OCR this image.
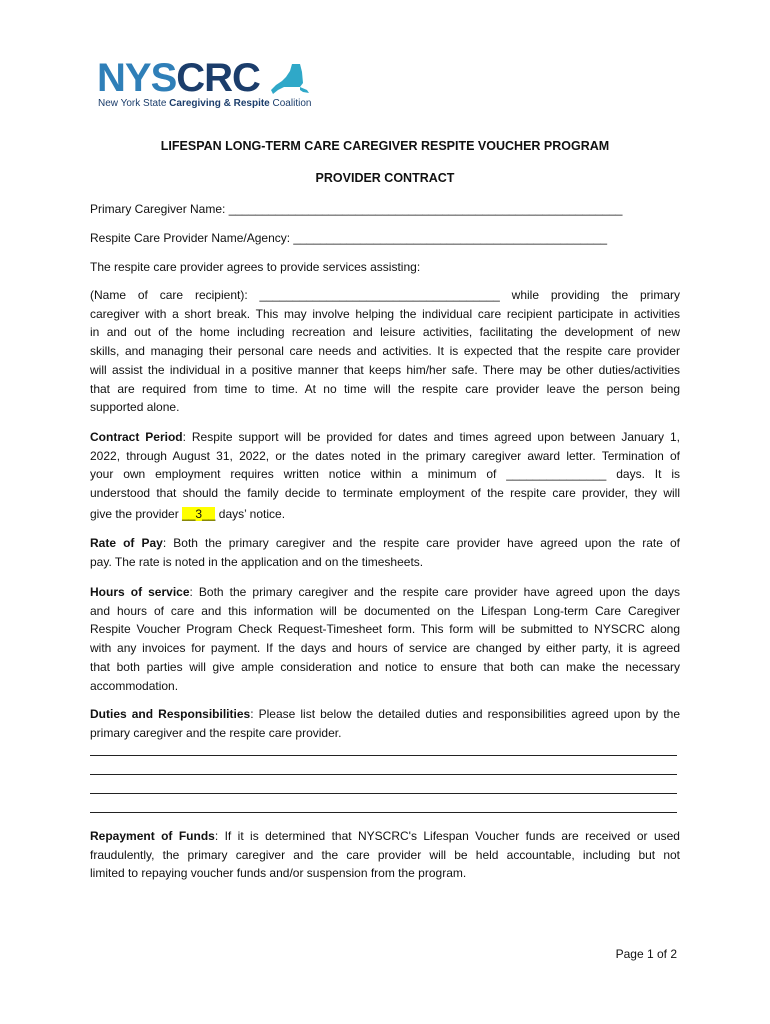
NYSCRC
New York State Caregiving & Respite Coalition
LIFESPAN LONG-TERM CARE CAREGIVER RESPITE VOUCHER PROGRAM
PROVIDER CONTRACT
Primary Caregiver Name: ___________________________________________________________
Respite Care Provider Name/Agency: _______________________________________________
The respite care provider agrees to provide services assisting:
(Name of care recipient): ____________________________________ while providing the primary
caregiver with a short break. This may involve helping the individual care recipient participate in activities
in and out of the home including recreation and leisure activities, facilitating the development of new
skills, and managing their personal care needs and activities. It is expected that the respite care provider
will assist the individual in a positive manner that keeps him/her safe. There may be other duties/activities
that are required from time to time. At no time will the respite care provider leave the person being
supported alone.
Contract Period: Respite support will be provided for dates and times agreed upon between January 1,
2022, through August 31, 2022, or the dates noted in the primary caregiver award letter. Termination of
your own employment requires written notice within a minimum of _______________ days. It is
understood that should the family decide to terminate employment of the respite care provider, they will
give the provider __3__ days’ notice.
Rate of Pay: Both the primary caregiver and the respite care provider have agreed upon the rate of
pay. The rate is noted in the application and on the timesheets.
Hours of service: Both the primary caregiver and the respite care provider have agreed upon the days
and hours of care and this information will be documented on the Lifespan Long-term Care Caregiver
Respite Voucher Program Check Request-Timesheet form. This form will be submitted to NYSCRC along
with any invoices for payment. If the days and hours of service are changed by either party, it is agreed
that both parties will give ample consideration and notice to ensure that both can make the necessary
accommodation.
Duties and Responsibilities: Please list below the detailed duties and responsibilities agreed upon by the
primary caregiver and the respite care provider.
Repayment of Funds: If it is determined that NYSCRC's Lifespan Voucher funds are received or used
fraudulently, the primary caregiver and the care provider will be held accountable, including but not
limited to repaying voucher funds and/or suspension from the program.
Page 1 of 2
